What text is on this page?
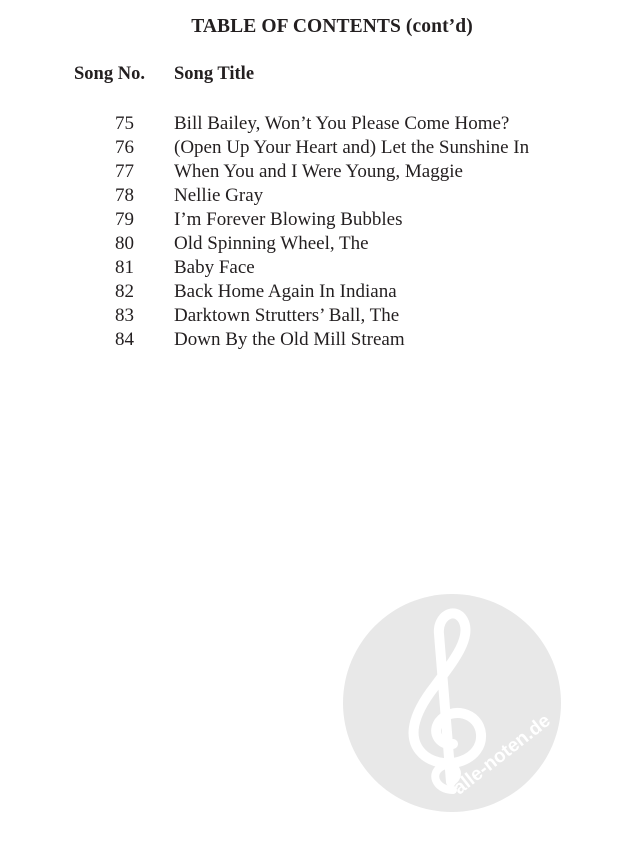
TABLE OF CONTENTS (cont’d)
Song No. Song Title
75 Bill Bailey, Won’t You Please Come Home?
76 (Open Up Your Heart and) Let the Sunshine In
77 When You and I Were Young, Maggie
78 Nellie Gray
79 I’m Forever Blowing Bubbles
80 Old Spinning Wheel, The
81 Baby Face
82 Back Home Again In Indiana
83 Darktown Strutters’ Ball, The
84 Down By the Old Mill Stream
alle-noten.de
